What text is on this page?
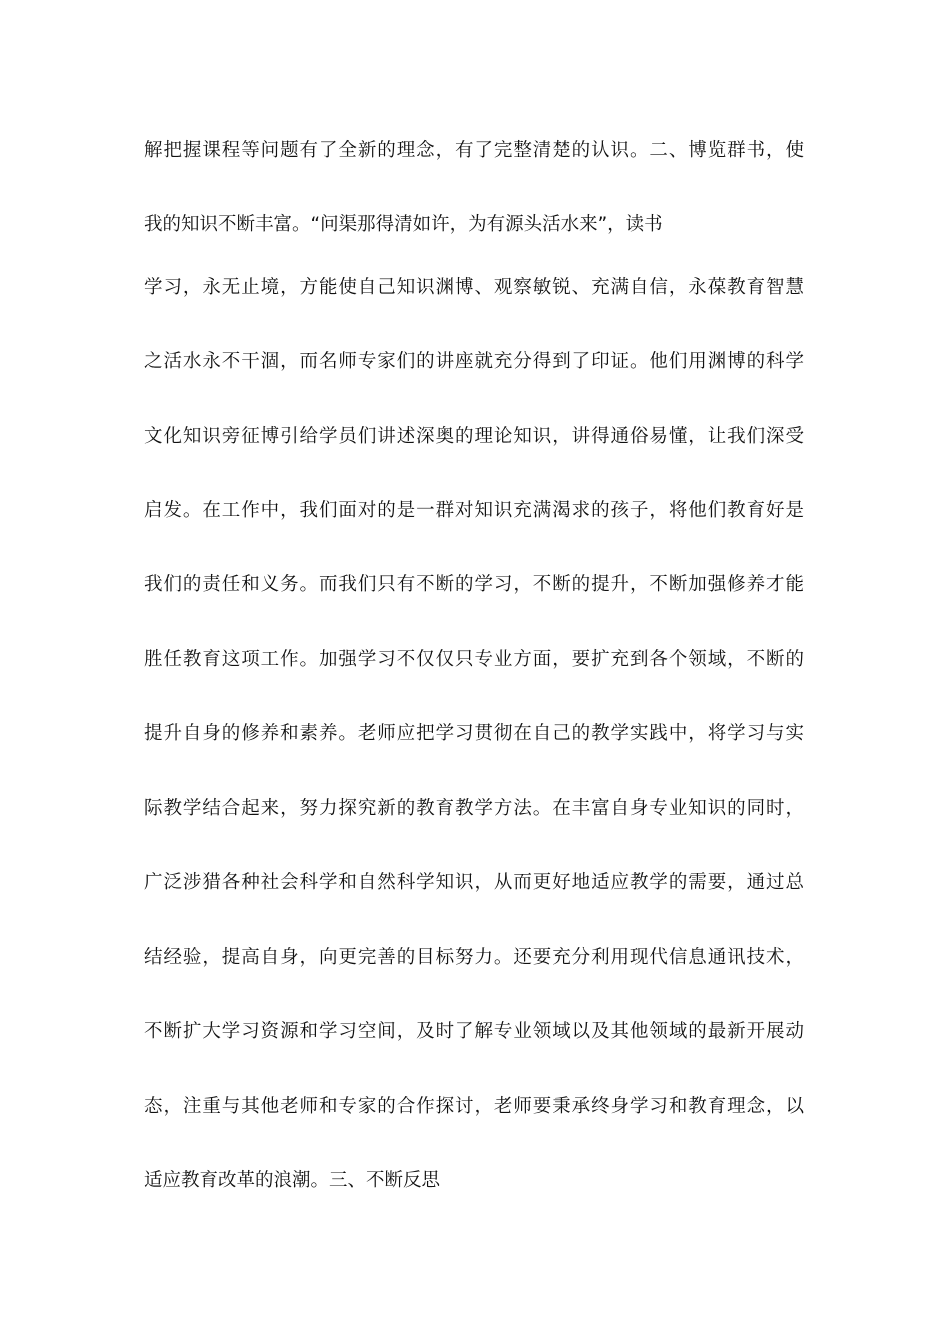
解把握课程等问题有了全新的理念，有了完整清楚的认识。二、博览群书，使
我的知识不断丰富。“问渠那得清如许，为有源头活水来”，读书
学习，永无止境，方能使自己知识渊博、观察敏锐、充满自信，永葆教育智慧
之活水永不干涸，而名师专家们的讲座就充分得到了印证。他们用渊博的科学
文化知识旁征博引给学员们讲述深奥的理论知识，讲得通俗易懂，让我们深受
启发。在工作中，我们面对的是一群对知识充满渴求的孩子，将他们教育好是
我们的责任和义务。而我们只有不断的学习，不断的提升，不断加强修养才能
胜任教育这项工作。加强学习不仅仅只专业方面，要扩充到各个领域，不断的
提升自身的修养和素养。老师应把学习贯彻在自己的教学实践中，将学习与实
际教学结合起来，努力探究新的教育教学方法。在丰富自身专业知识的同时，
广泛涉猎各种社会科学和自然科学知识，从而更好地适应教学的需要，通过总
结经验，提高自身，向更完善的目标努力。还要充分利用现代信息通讯技术，
不断扩大学习资源和学习空间，及时了解专业领域以及其他领域的最新开展动
态，注重与其他老师和专家的合作探讨，老师要秉承终身学习和教育理念，以
适应教育改革的浪潮。三、不断反思
